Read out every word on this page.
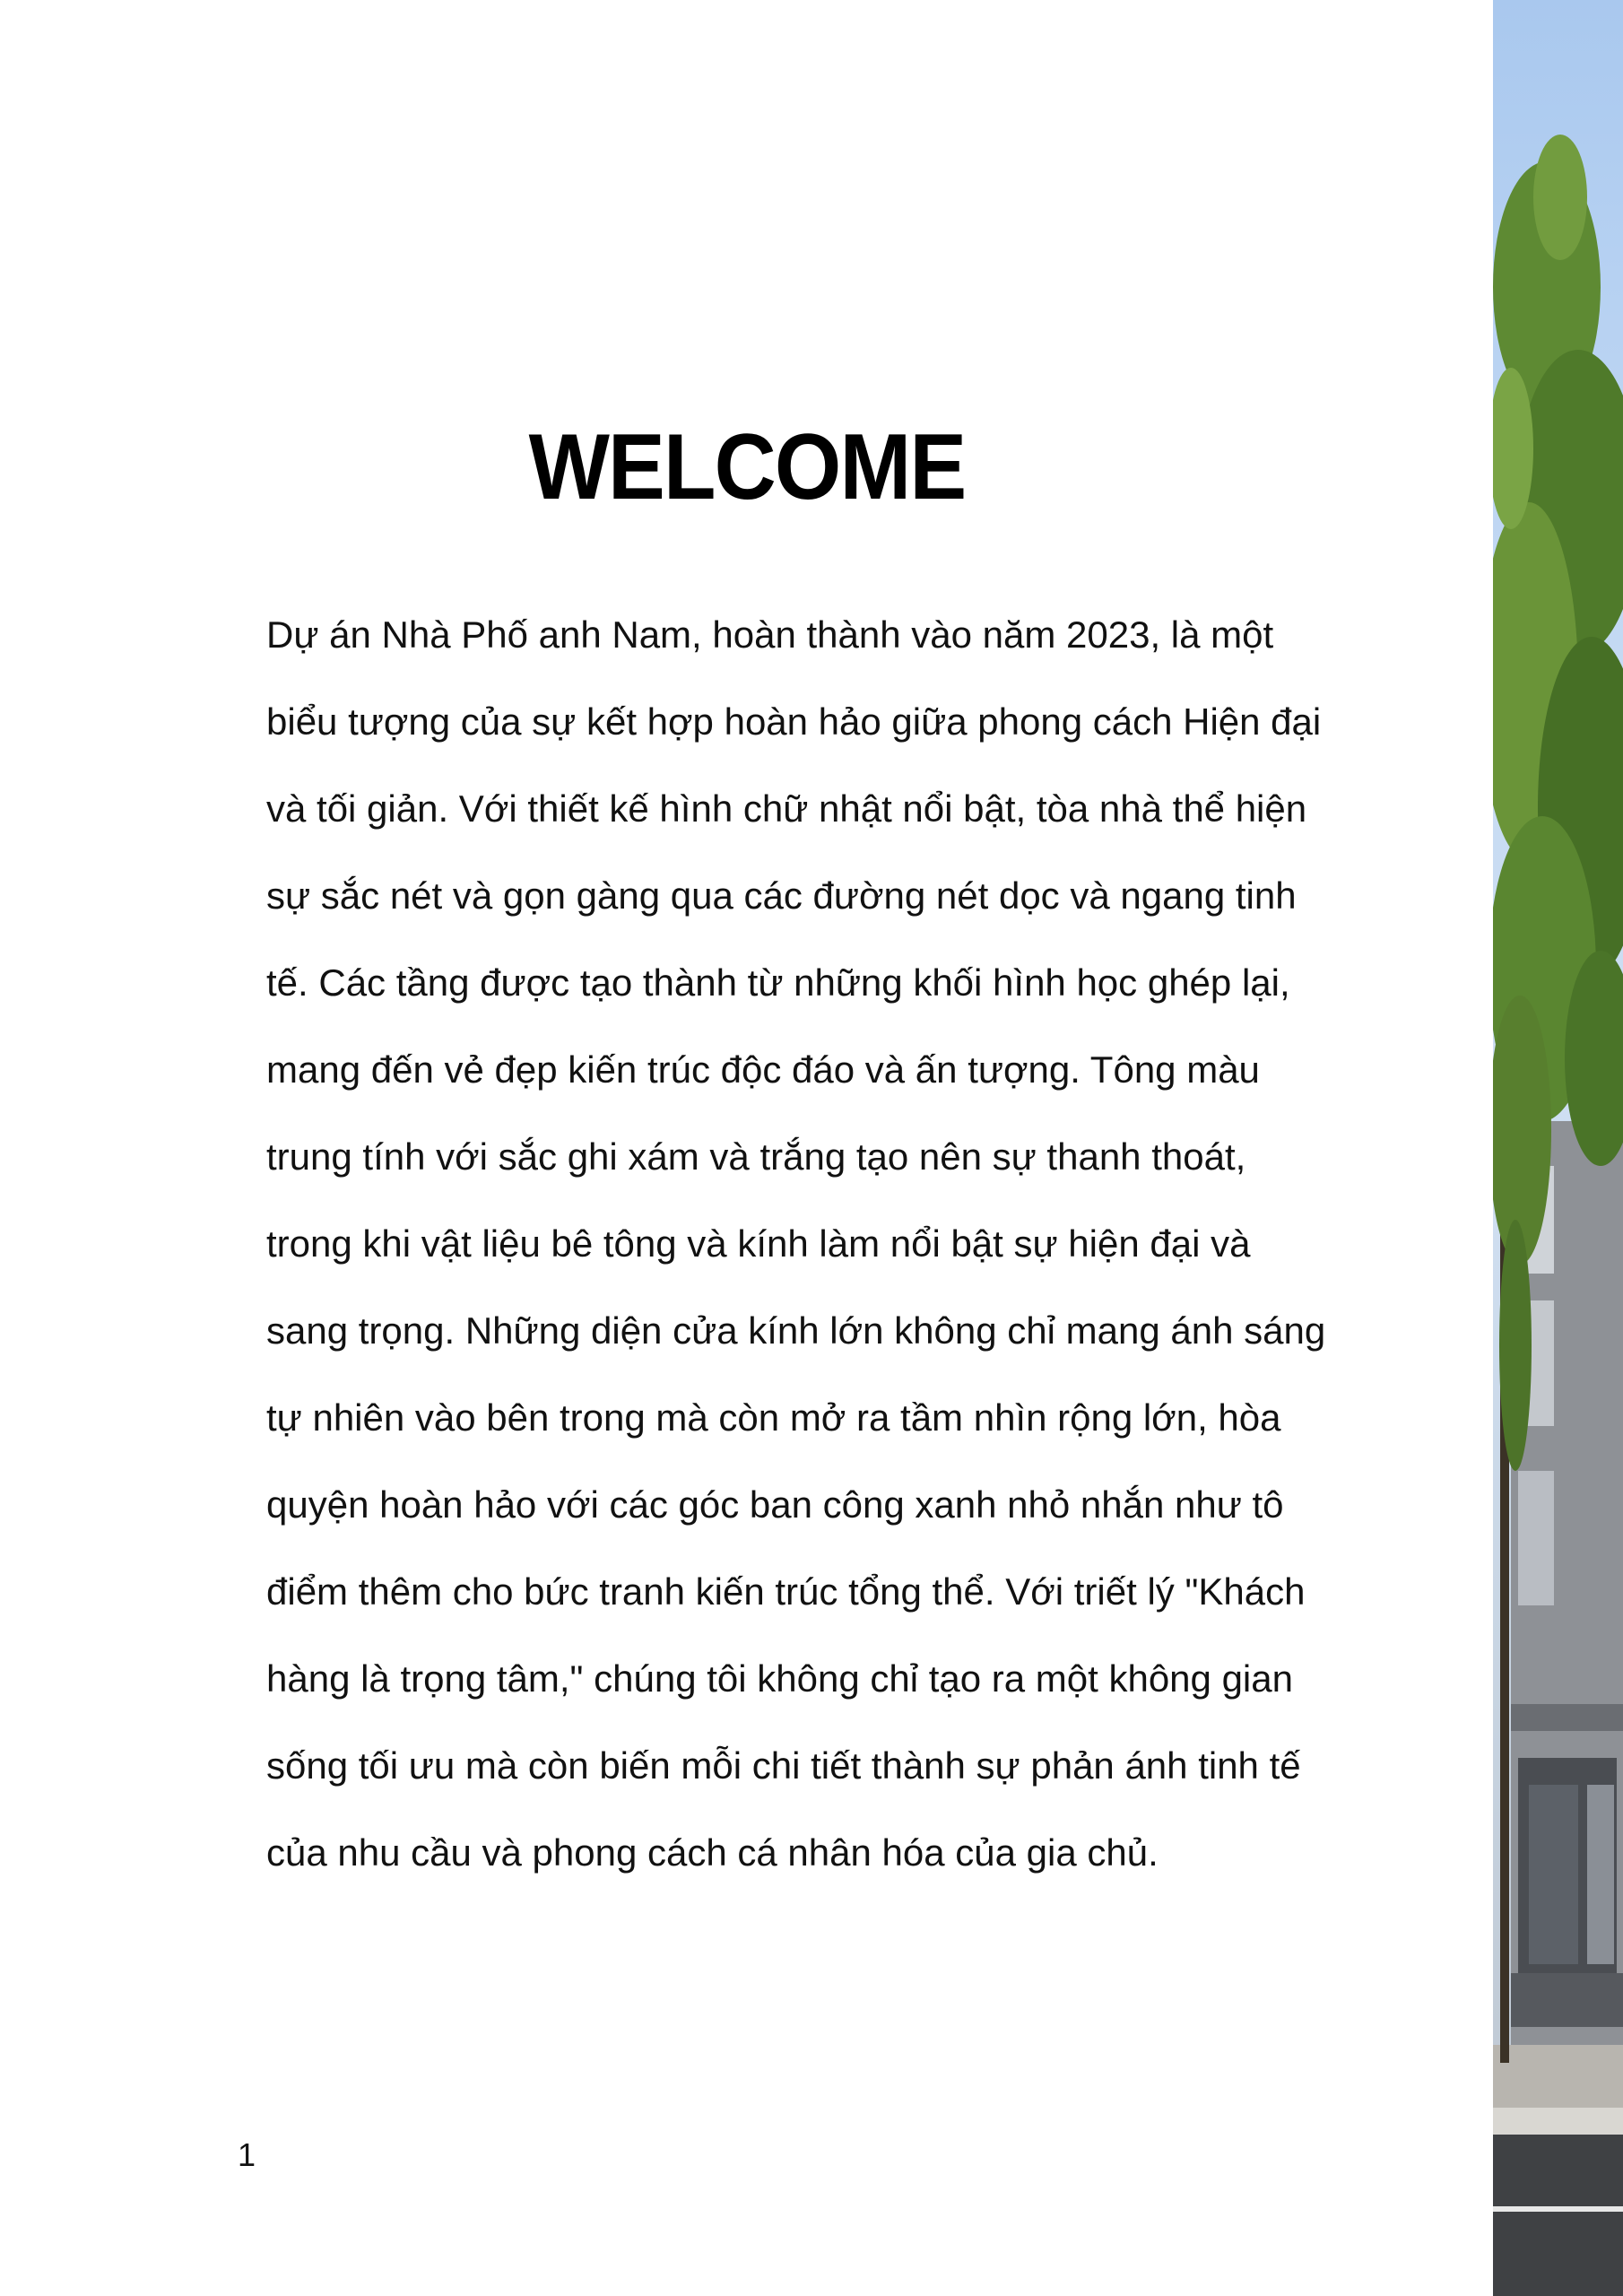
WELCOME
Dự án Nhà Phố anh Nam, hoàn thành vào năm 2023, là một
biểu tượng của sự kết hợp hoàn hảo giữa phong cách Hiện đại
và tối giản. Với thiết kế hình chữ nhật nổi bật, tòa nhà thể hiện
sự sắc nét và gọn gàng qua các đường nét dọc và ngang tinh
tế. Các tầng được tạo thành từ những khối hình học ghép lại,
mang đến vẻ đẹp kiến trúc độc đáo và ấn tượng. Tông màu
trung tính với sắc ghi xám và trắng tạo nên sự thanh thoát,
trong khi vật liệu bê tông và kính làm nổi bật sự hiện đại và
sang trọng. Những diện cửa kính lớn không chỉ mang ánh sáng
tự nhiên vào bên trong mà còn mở ra tầm nhìn rộng lớn, hòa
quyện hoàn hảo với các góc ban công xanh nhỏ nhắn như tô
điểm thêm cho bức tranh kiến trúc tổng thể. Với triết lý "Khách
hàng là trọng tâm," chúng tôi không chỉ tạo ra một không gian
sống tối ưu mà còn biến mỗi chi tiết thành sự phản ánh tinh tế
của nhu cầu và phong cách cá nhân hóa của gia chủ.
1
